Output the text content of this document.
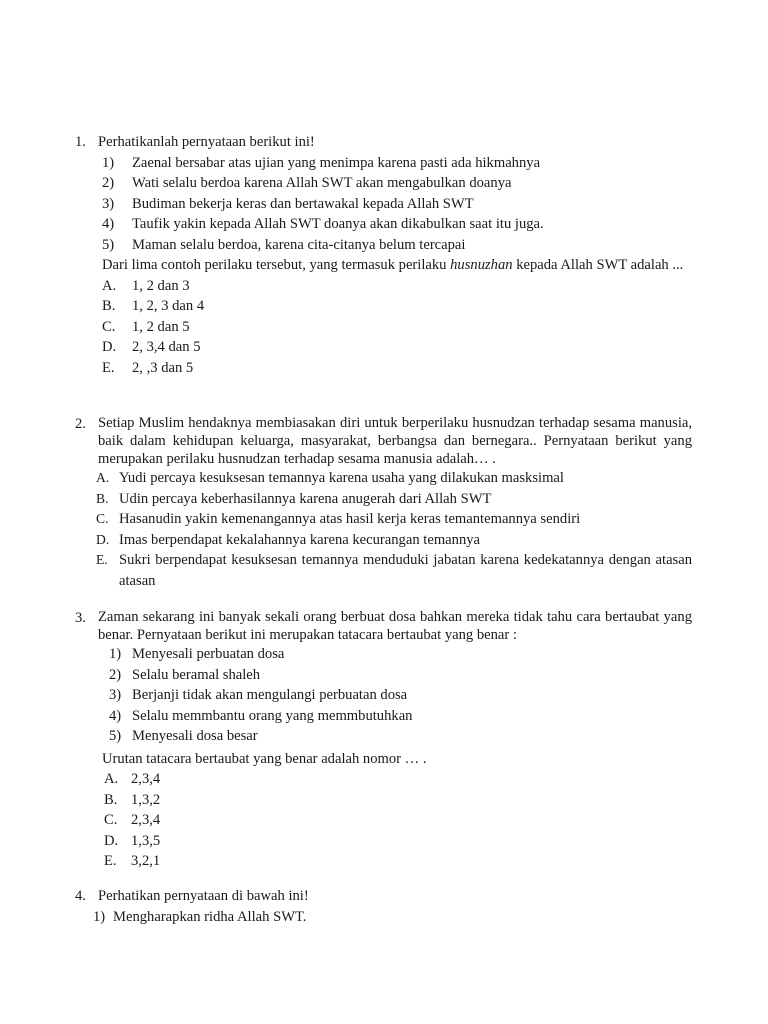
1. Perhatikanlah pernyataan berikut ini!
1)	Zaenal bersabar atas ujian yang menimpa karena pasti ada hikmahnya
2)	Wati selalu berdoa karena Allah SWT akan mengabulkan doanya
3)	Budiman bekerja keras dan bertawakal kepada Allah SWT
4)	Taufik yakin kepada Allah SWT doanya akan dikabulkan saat itu juga.
5)	Maman selalu berdoa, karena cita-citanya belum tercapai
Dari lima contoh perilaku tersebut, yang termasuk perilaku husnuzhan kepada Allah SWT adalah ...
A.	1, 2 dan 3
B.	1, 2, 3 dan 4
C.	1, 2 dan 5
D.	2, 3,4 dan 5
E.	2, ,3 dan 5
2. Setiap Muslim hendaknya membiasakan diri untuk berperilaku husnudzan terhadap sesama manusia, baik dalam kehidupan keluarga, masyarakat, berbangsa dan bernegara.. Pernyataan berikut yang merupakan perilaku husnudzan terhadap sesama manusia adalah… .
A. Yudi percaya kesuksesan temannya karena usaha yang dilakukan masksimal
B. Udin percaya keberhasilannya karena anugerah dari Allah SWT
C. Hasanudin yakin kemenangannya atas hasil kerja keras temantemannya sendiri
D. Imas berpendapat kekalahannya karena kecurangan temannya
E. Sukri berpendapat kesuksesan temannya menduduki jabatan karena kedekatannya dengan atasan atasan
3. Zaman sekarang ini banyak sekali orang berbuat dosa bahkan mereka tidak tahu cara bertaubat yang benar. Pernyataan berikut ini merupakan tatacara bertaubat yang benar :
1) Menyesali perbuatan dosa
2) Selalu beramal shaleh
3) Berjanji tidak akan mengulangi perbuatan dosa
4) Selalu memmbantu orang yang memmbutuhkan
5) Menyesali dosa besar
Urutan tatacara bertaubat yang benar adalah nomor … .
A. 2,3,4
B. 1,3,2
C. 2,3,4
D. 1,3,5
E. 3,2,1
4. Perhatikan pernyataan di bawah ini!
1) Mengharapkan ridha Allah SWT.
